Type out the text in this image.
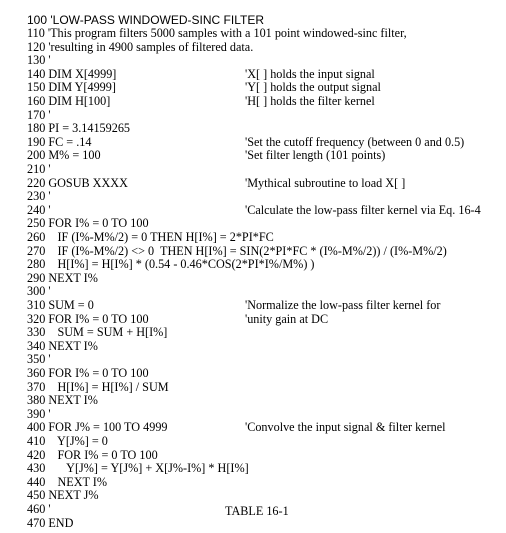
100 'LOW-PASS WINDOWED-SINC FILTER
110 'This program filters 5000 samples with a 101 point windowed-sinc filter,
120 'resulting in 4900 samples of filtered data.
130 '
140 DIM X[4999]	'X[ ] holds the input signal
150 DIM Y[4999]	'Y[ ] holds the output signal
160 DIM H[100]	'H[ ] holds the filter kernel
170 '
180 PI = 3.14159265
190 FC = .14	'Set the cutoff frequency (between 0 and 0.5)
200 M% = 100	'Set filter length (101 points)
210 '
220 GOSUB XXXX	'Mythical subroutine to load X[ ]
230 '
240 '	'Calculate the low-pass filter kernel via Eq. 16-4
250 FOR I% = 0 TO 100
260    IF (I%-M%/2) = 0 THEN H[I%] = 2*PI*FC
270    IF (I%-M%/2) <> 0  THEN H[I%] = SIN(2*PI*FC * (I%-M%/2)) / (I%-M%/2)
280    H[I%] = H[I%] * (0.54 - 0.46*COS(2*PI*I%/M%) )
290 NEXT I%
300 '
310 SUM = 0	'Normalize the low-pass filter kernel for
320 FOR I% = 0 TO 100	'unity gain at DC
330    SUM = SUM + H[I%]
340 NEXT I%
350 '
360 FOR I% = 0 TO 100
370    H[I%] = H[I%] / SUM
380 NEXT I%
390 '
400 FOR J% = 100 TO 4999	'Convolve the input signal & filter kernel
410    Y[J%] = 0
420    FOR I% = 0 TO 100
430       Y[J%] = Y[J%] + X[J%-I%] * H[I%]
440    NEXT I%
450 NEXT J%
460 '
470 END
TABLE 16-1
